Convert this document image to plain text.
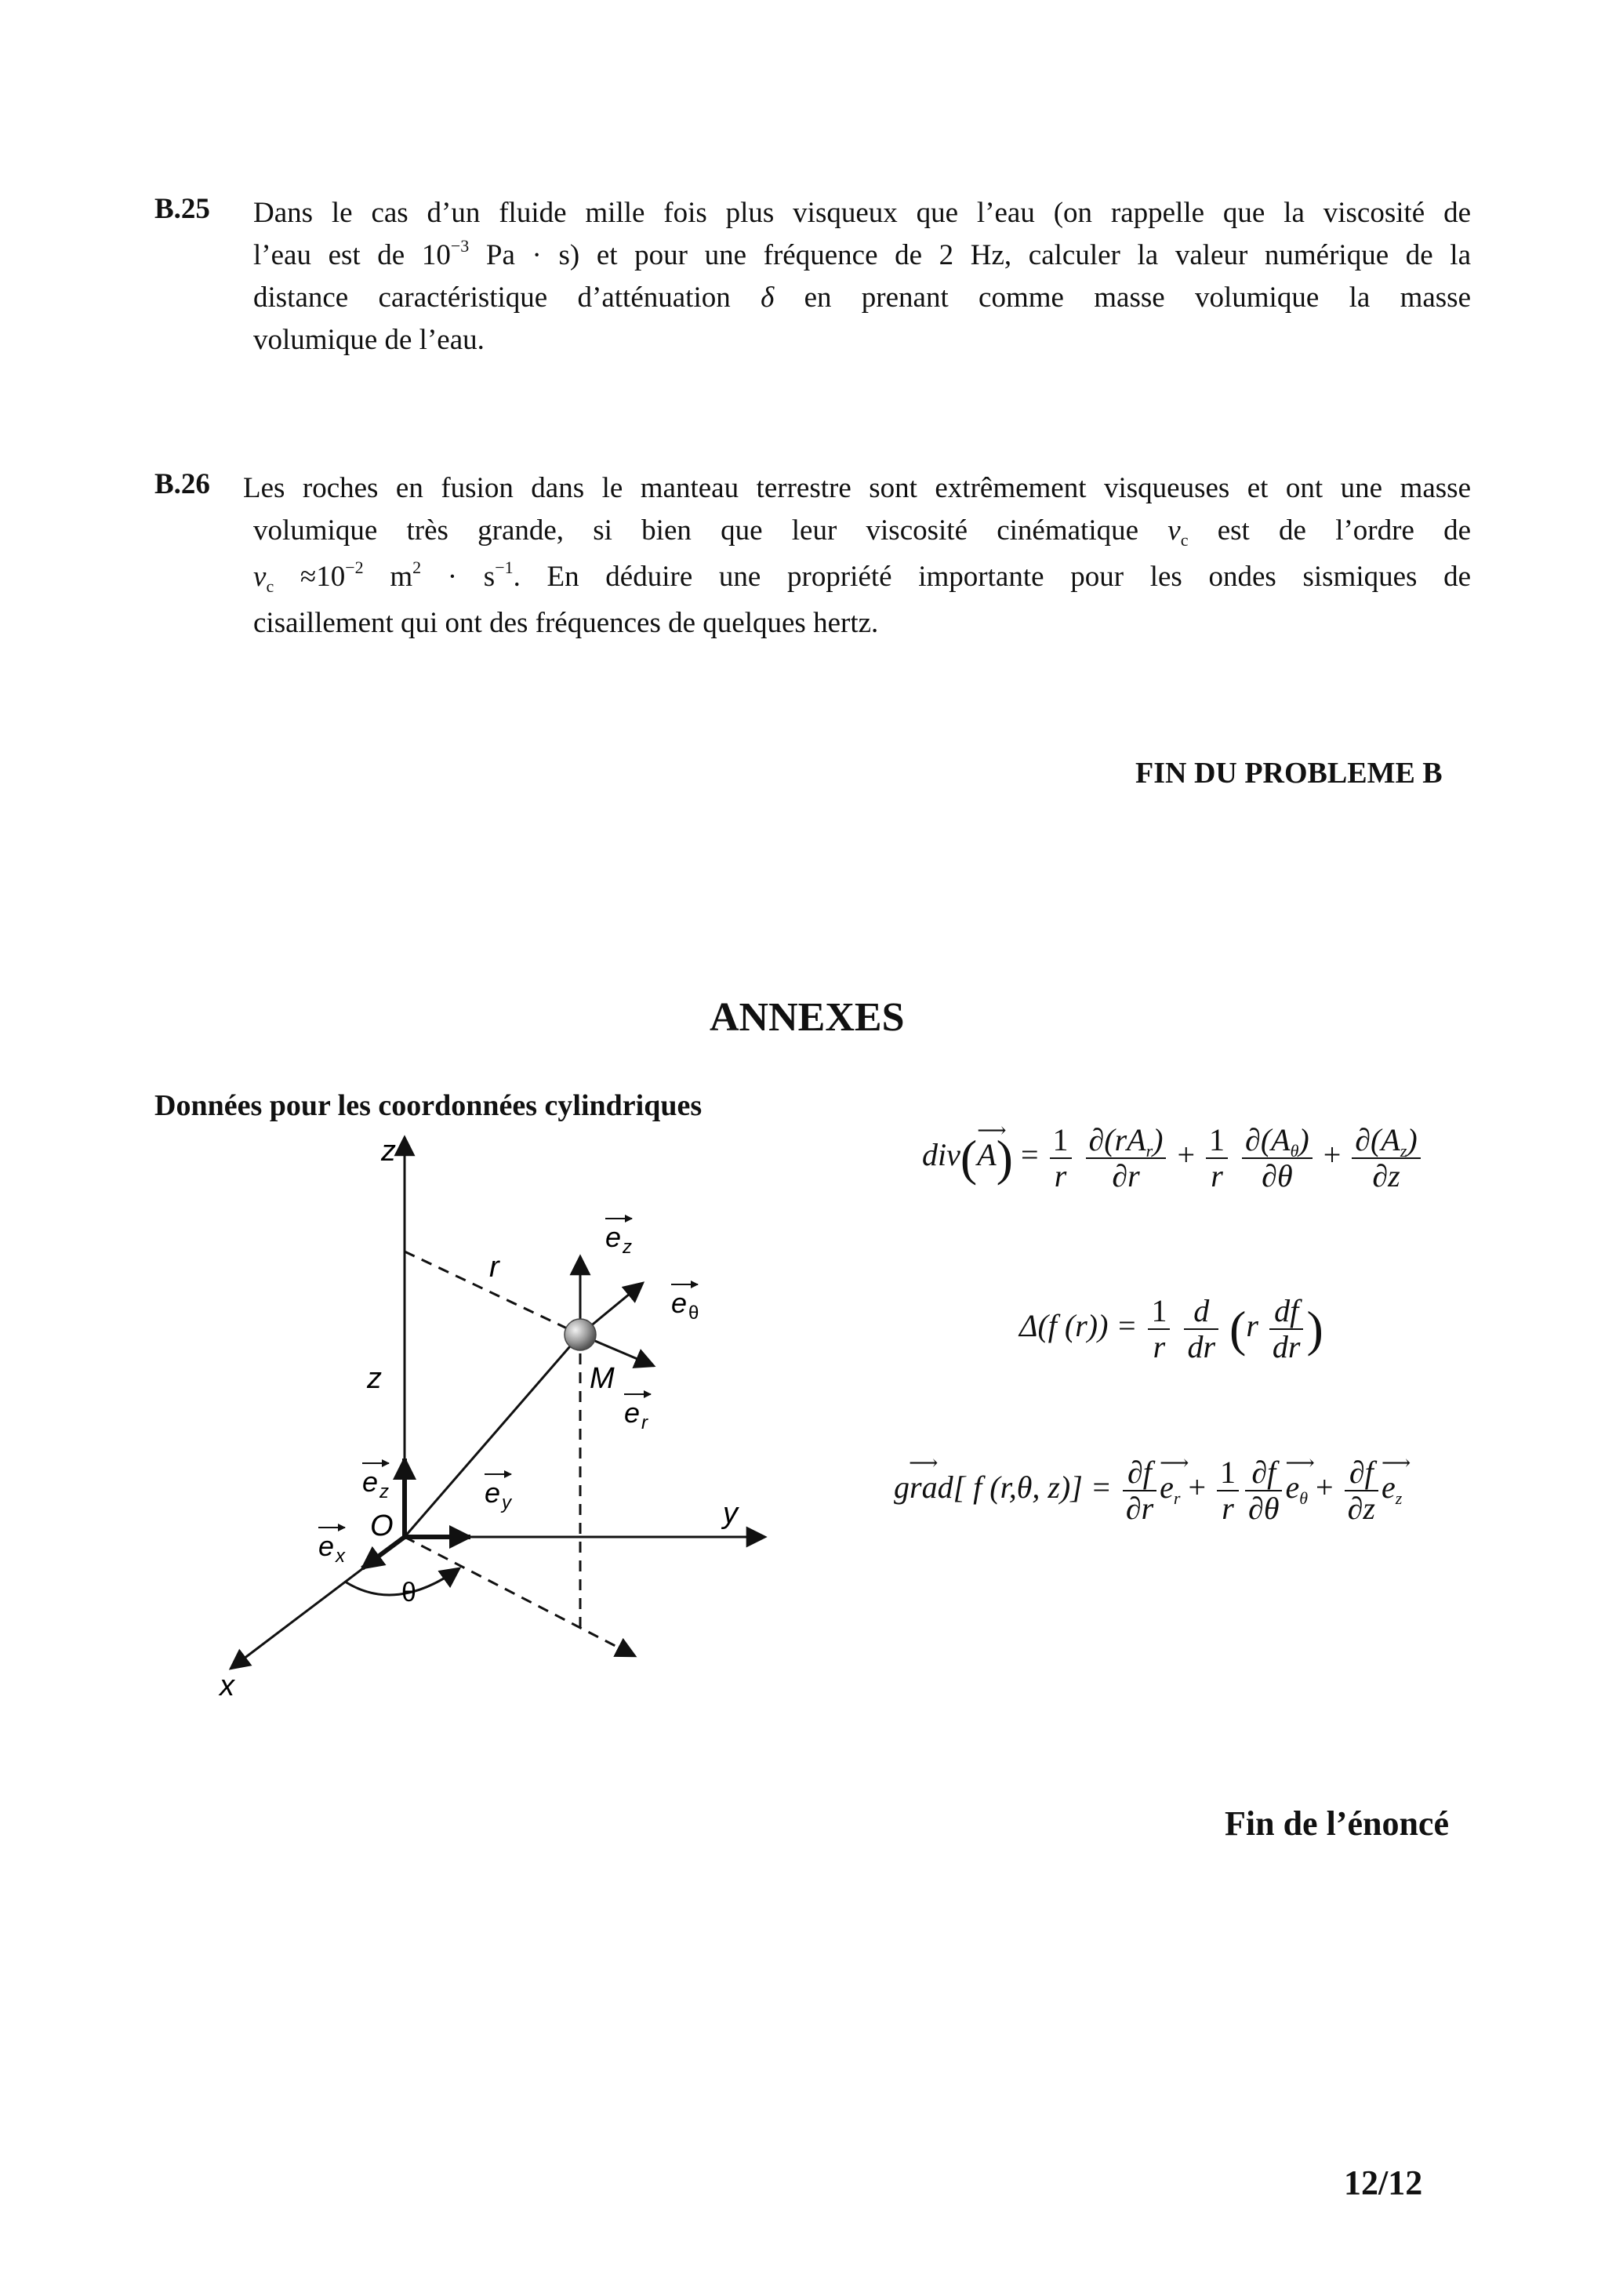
B.25 Dans le cas d’un fluide mille fois plus visqueux que l’eau (on rappelle que la viscosité de
l’eau est de $10^{-3}$ Pa · s) et pour une fréquence de 2 Hz, calculer la valeur numérique de la
distance caractéristique d’atténuation δ en prenant comme masse volumique la masse
volumique de l’eau.
B.26 Les roches en fusion dans le manteau terrestre sont extrêmement visqueuses et ont une masse
volumique très grande, si bien que leur viscosité cinématique $\nu_c$ est de l’ordre de
$\nu_c \approx 10^{-2}$ $m^2 \cdot s^{-1}$. En déduire une propriété importante pour les ondes sismiques de
cisaillement qui ont des fréquences de quelques hertz.
FIN DU PROBLEME B
ANNEXES
Données pour les coordonnées cylindriques
z
z
r
M
O	y
x
θ
e z
e θ
e r
e z	e y
e x
div(⟶ $A) = \frac{1}{r}$
$\frac{\partial(rA_r)}{\partial r} + \frac{1}{r}$
$\frac{\partial(A_\theta)}{\partial\theta} + \frac{\partial(A_z)}{\partial z}$
Δ(f $(r)) = \frac{1}{r}$
$\frac{d}{dr} (r \frac{df}{dr}$ )
⟶ grad[ f (r,θ, $z)] = \frac{\partial f}{\partial r}$ ⟶ $e_r + \frac{1}{r} \frac{\partial f}{\partial\theta}$ ⟶ $e_\theta + \frac{\partial f}{\partial z}$ ⟶ $e_z$
Fin de l’énoncé
12/12
